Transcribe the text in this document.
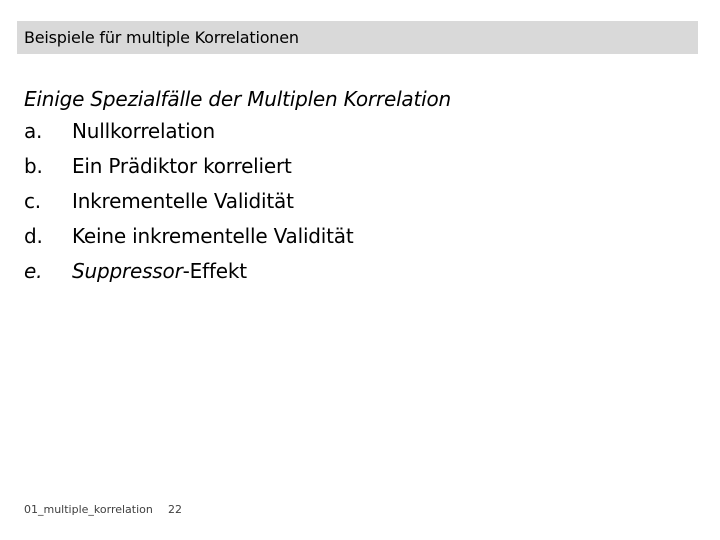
Beispiele für multiple Korrelationen
Einige Spezialfälle der Multiplen Korrelation
a.	Nullkorrelation
b.	Ein Prädiktor korreliert
c.	Inkrementelle Validität
d.	Keine inkrementelle Validität
e.	Suppressor-Effekt
01_multiple_korrelation 22
